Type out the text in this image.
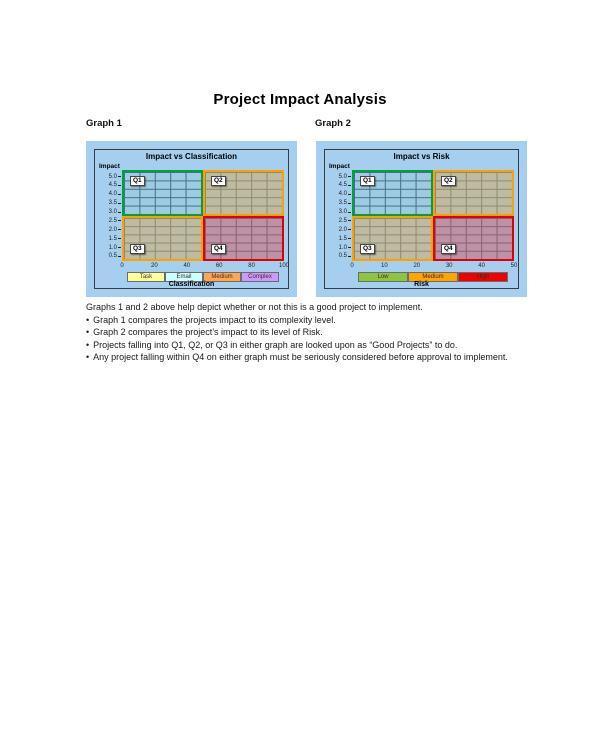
Project Impact Analysis
Graph 1	Graph 2
Impact vs Classification
Impact
5.0
4.5
4.0
3.5
3.0
2.5
2.0
1.5
1.0
0.5
Q1	Q2
Q3	Q4
0	20	40	60	80	100
Task	Email	Medium	Complex
Classification
Impact vs Risk
Impact
5.0
4.5
4.0
3.5
3.0
2.5
2.0
1.5
1.0
0.5
Q1	Q2
Q3	Q4
0	10	20	30	40	50
Low	Medium	High
Risk
Graphs 1 and 2 above help depict whether or not this is a good project to implement.
• Graph 1 compares the projects impact to its complexity level.
• Graph 2 compares the project’s impact to its level of Risk.
• Projects falling into Q1, Q2, or Q3 in either graph are looked upon as “Good Projects” to do.
• Any project falling within Q4 on either graph must be seriously considered before approval to implement.
